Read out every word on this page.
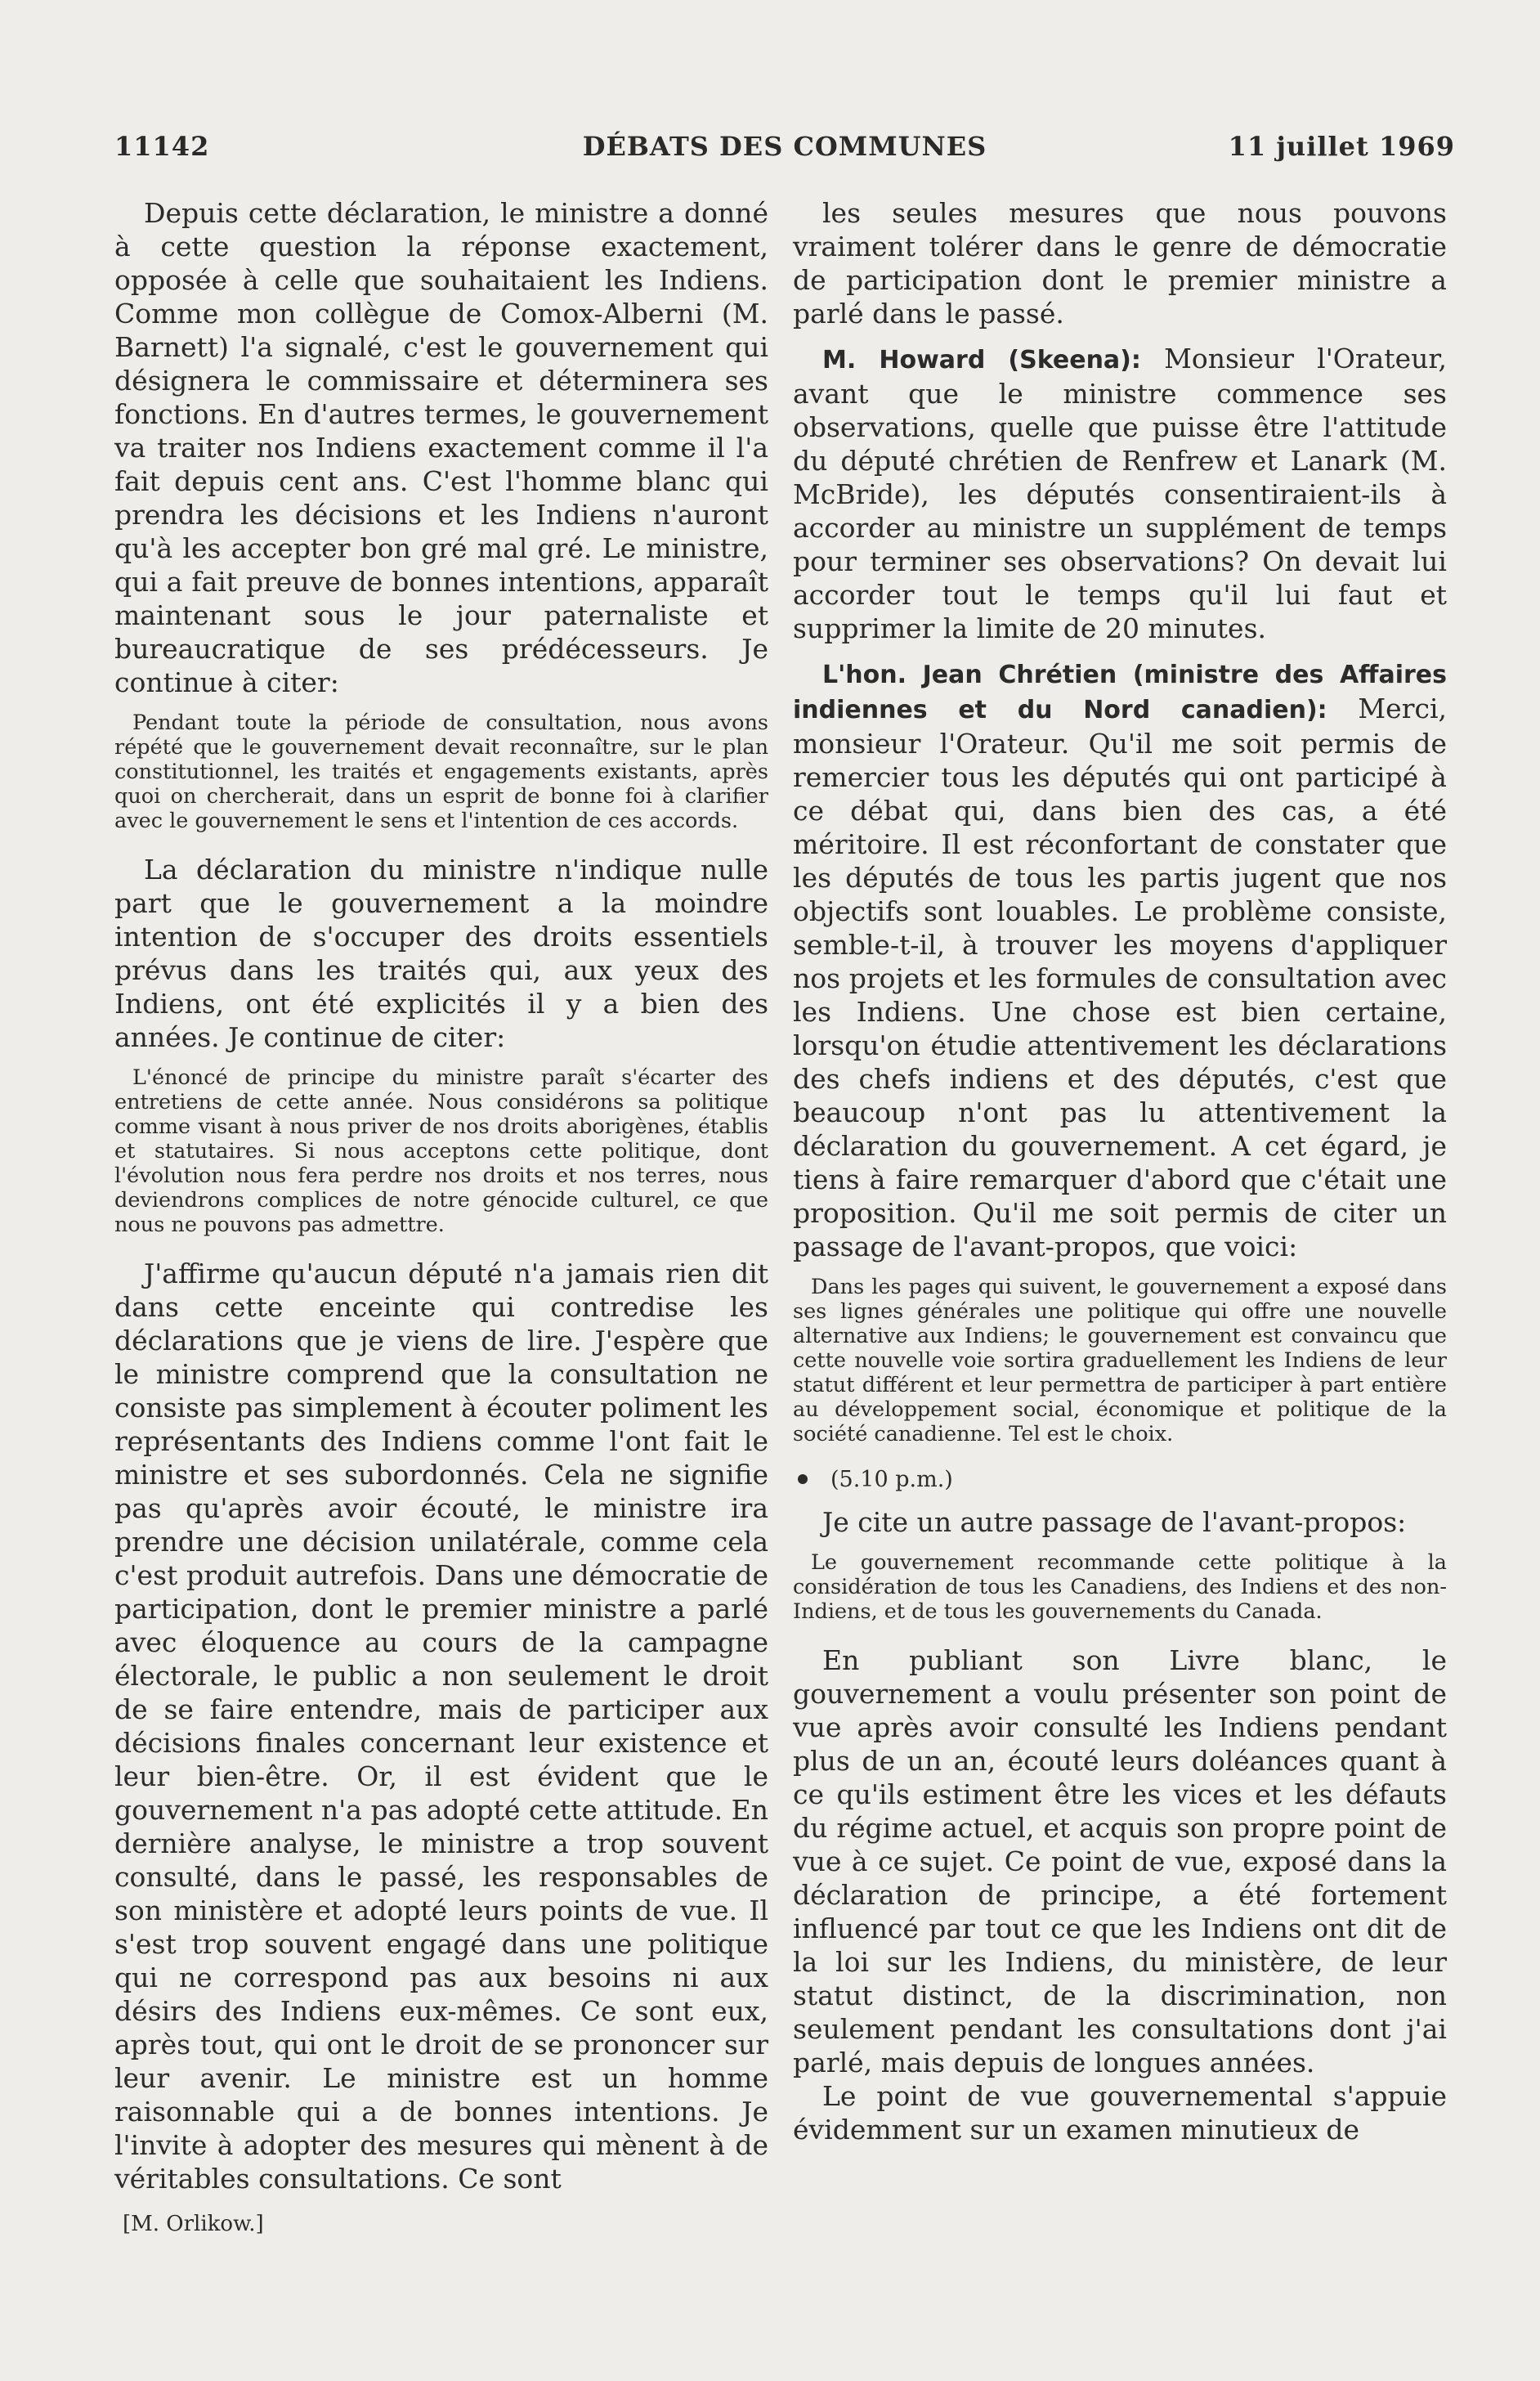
11142	DÉBATS DES COMMUNES	11 juillet 1969

Depuis cette déclaration, le ministre a donné à cette question la réponse exactement, opposée à celle que souhaitaient les Indiens. Comme mon collègue de Comox-Alberni (M. Barnett) l'a signalé, c'est le gouvernement qui désignera le commissaire et déterminera ses fonctions. En d'autres termes, le gouvernement va traiter nos Indiens exactement comme il l'a fait depuis cent ans. C'est l'homme blanc qui prendra les décisions et les Indiens n'auront qu'à les accepter bon gré mal gré. Le ministre, qui a fait preuve de bonnes intentions, apparaît maintenant sous le jour paternaliste et bureaucratique de ses prédécesseurs. Je continue à citer:

Pendant toute la période de consultation, nous avons répété que le gouvernement devait reconnaître, sur le plan constitutionnel, les traités et engagements existants, après quoi on chercherait, dans un esprit de bonne foi à clarifier avec le gouvernement le sens et l'intention de ces accords.

La déclaration du ministre n'indique nulle part que le gouvernement a la moindre intention de s'occuper des droits essentiels prévus dans les traités qui, aux yeux des Indiens, ont été explicités il y a bien des années. Je continue de citer:

L'énoncé de principe du ministre paraît s'écarter des entretiens de cette année. Nous considérons sa politique comme visant à nous priver de nos droits aborigènes, établis et statutaires. Si nous acceptons cette politique, dont l'évolution nous fera perdre nos droits et nos terres, nous deviendrons complices de notre génocide culturel, ce que nous ne pouvons pas admettre.

J'affirme qu'aucun député n'a jamais rien dit dans cette enceinte qui contredise les déclarations que je viens de lire. J'espère que le ministre comprend que la consultation ne consiste pas simplement à écouter poliment les représentants des Indiens comme l'ont fait le ministre et ses subordonnés. Cela ne signifie pas qu'après avoir écouté, le ministre ira prendre une décision unilatérale, comme cela c'est produit autrefois. Dans une démocratie de participation, dont le premier ministre a parlé avec éloquence au cours de la campagne électorale, le public a non seulement le droit de se faire entendre, mais de participer aux décisions finales concernant leur existence et leur bien-être. Or, il est évident que le gouvernement n'a pas adopté cette attitude. En dernière analyse, le ministre a trop souvent consulté, dans le passé, les responsables de son ministère et adopté leurs points de vue. Il s'est trop souvent engagé dans une politique qui ne correspond pas aux besoins ni aux désirs des Indiens eux-mêmes. Ce sont eux, après tout, qui ont le droit de se prononcer sur leur avenir. Le ministre est un homme raisonnable qui a de bonnes intentions. Je l'invite à adopter des mesures qui mènent à de véritables consultations. Ce sont

[M. Orlikow.]

les seules mesures que nous pouvons vraiment tolérer dans le genre de démocratie de participation dont le premier ministre a parlé dans le passé.

M. Howard (Skeena): Monsieur l'Orateur, avant que le ministre commence ses observations, quelle que puisse être l'attitude du député chrétien de Renfrew et Lanark (M. McBride), les députés consentiraient-ils à accorder au ministre un supplément de temps pour terminer ses observations? On devait lui accorder tout le temps qu'il lui faut et supprimer la limite de 20 minutes.

L'hon. Jean Chrétien (ministre des Affaires indiennes et du Nord canadien): Merci, monsieur l'Orateur. Qu'il me soit permis de remercier tous les députés qui ont participé à ce débat qui, dans bien des cas, a été méritoire. Il est réconfortant de constater que les députés de tous les partis jugent que nos objectifs sont louables. Le problème consiste, semble-t-il, à trouver les moyens d'appliquer nos projets et les formules de consultation avec les Indiens. Une chose est bien certaine, lorsqu'on étudie attentivement les déclarations des chefs indiens et des députés, c'est que beaucoup n'ont pas lu attentivement la déclaration du gouvernement. A cet égard, je tiens à faire remarquer d'abord que c'était une proposition. Qu'il me soit permis de citer un passage de l'avant-propos, que voici:

Dans les pages qui suivent, le gouvernement a exposé dans ses lignes générales une politique qui offre une nouvelle alternative aux Indiens; le gouvernement est convaincu que cette nouvelle voie sortira graduellement les Indiens de leur statut différent et leur permettra de participer à part entière au développement social, économique et politique de la société canadienne. Tel est le choix.

(5.10 p.m.)

Je cite un autre passage de l'avant-propos:

Le gouvernement recommande cette politique à la considération de tous les Canadiens, des Indiens et des non-Indiens, et de tous les gouvernements du Canada.

En publiant son Livre blanc, le gouvernement a voulu présenter son point de vue après avoir consulté les Indiens pendant plus de un an, écouté leurs doléances quant à ce qu'ils estiment être les vices et les défauts du régime actuel, et acquis son propre point de vue à ce sujet. Ce point de vue, exposé dans la déclaration de principe, a été fortement influencé par tout ce que les Indiens ont dit de la loi sur les Indiens, du ministère, de leur statut distinct, de la discrimination, non seulement pendant les consultations dont j'ai parlé, mais depuis de longues années.

Le point de vue gouvernemental s'appuie évidemment sur un examen minutieux de
